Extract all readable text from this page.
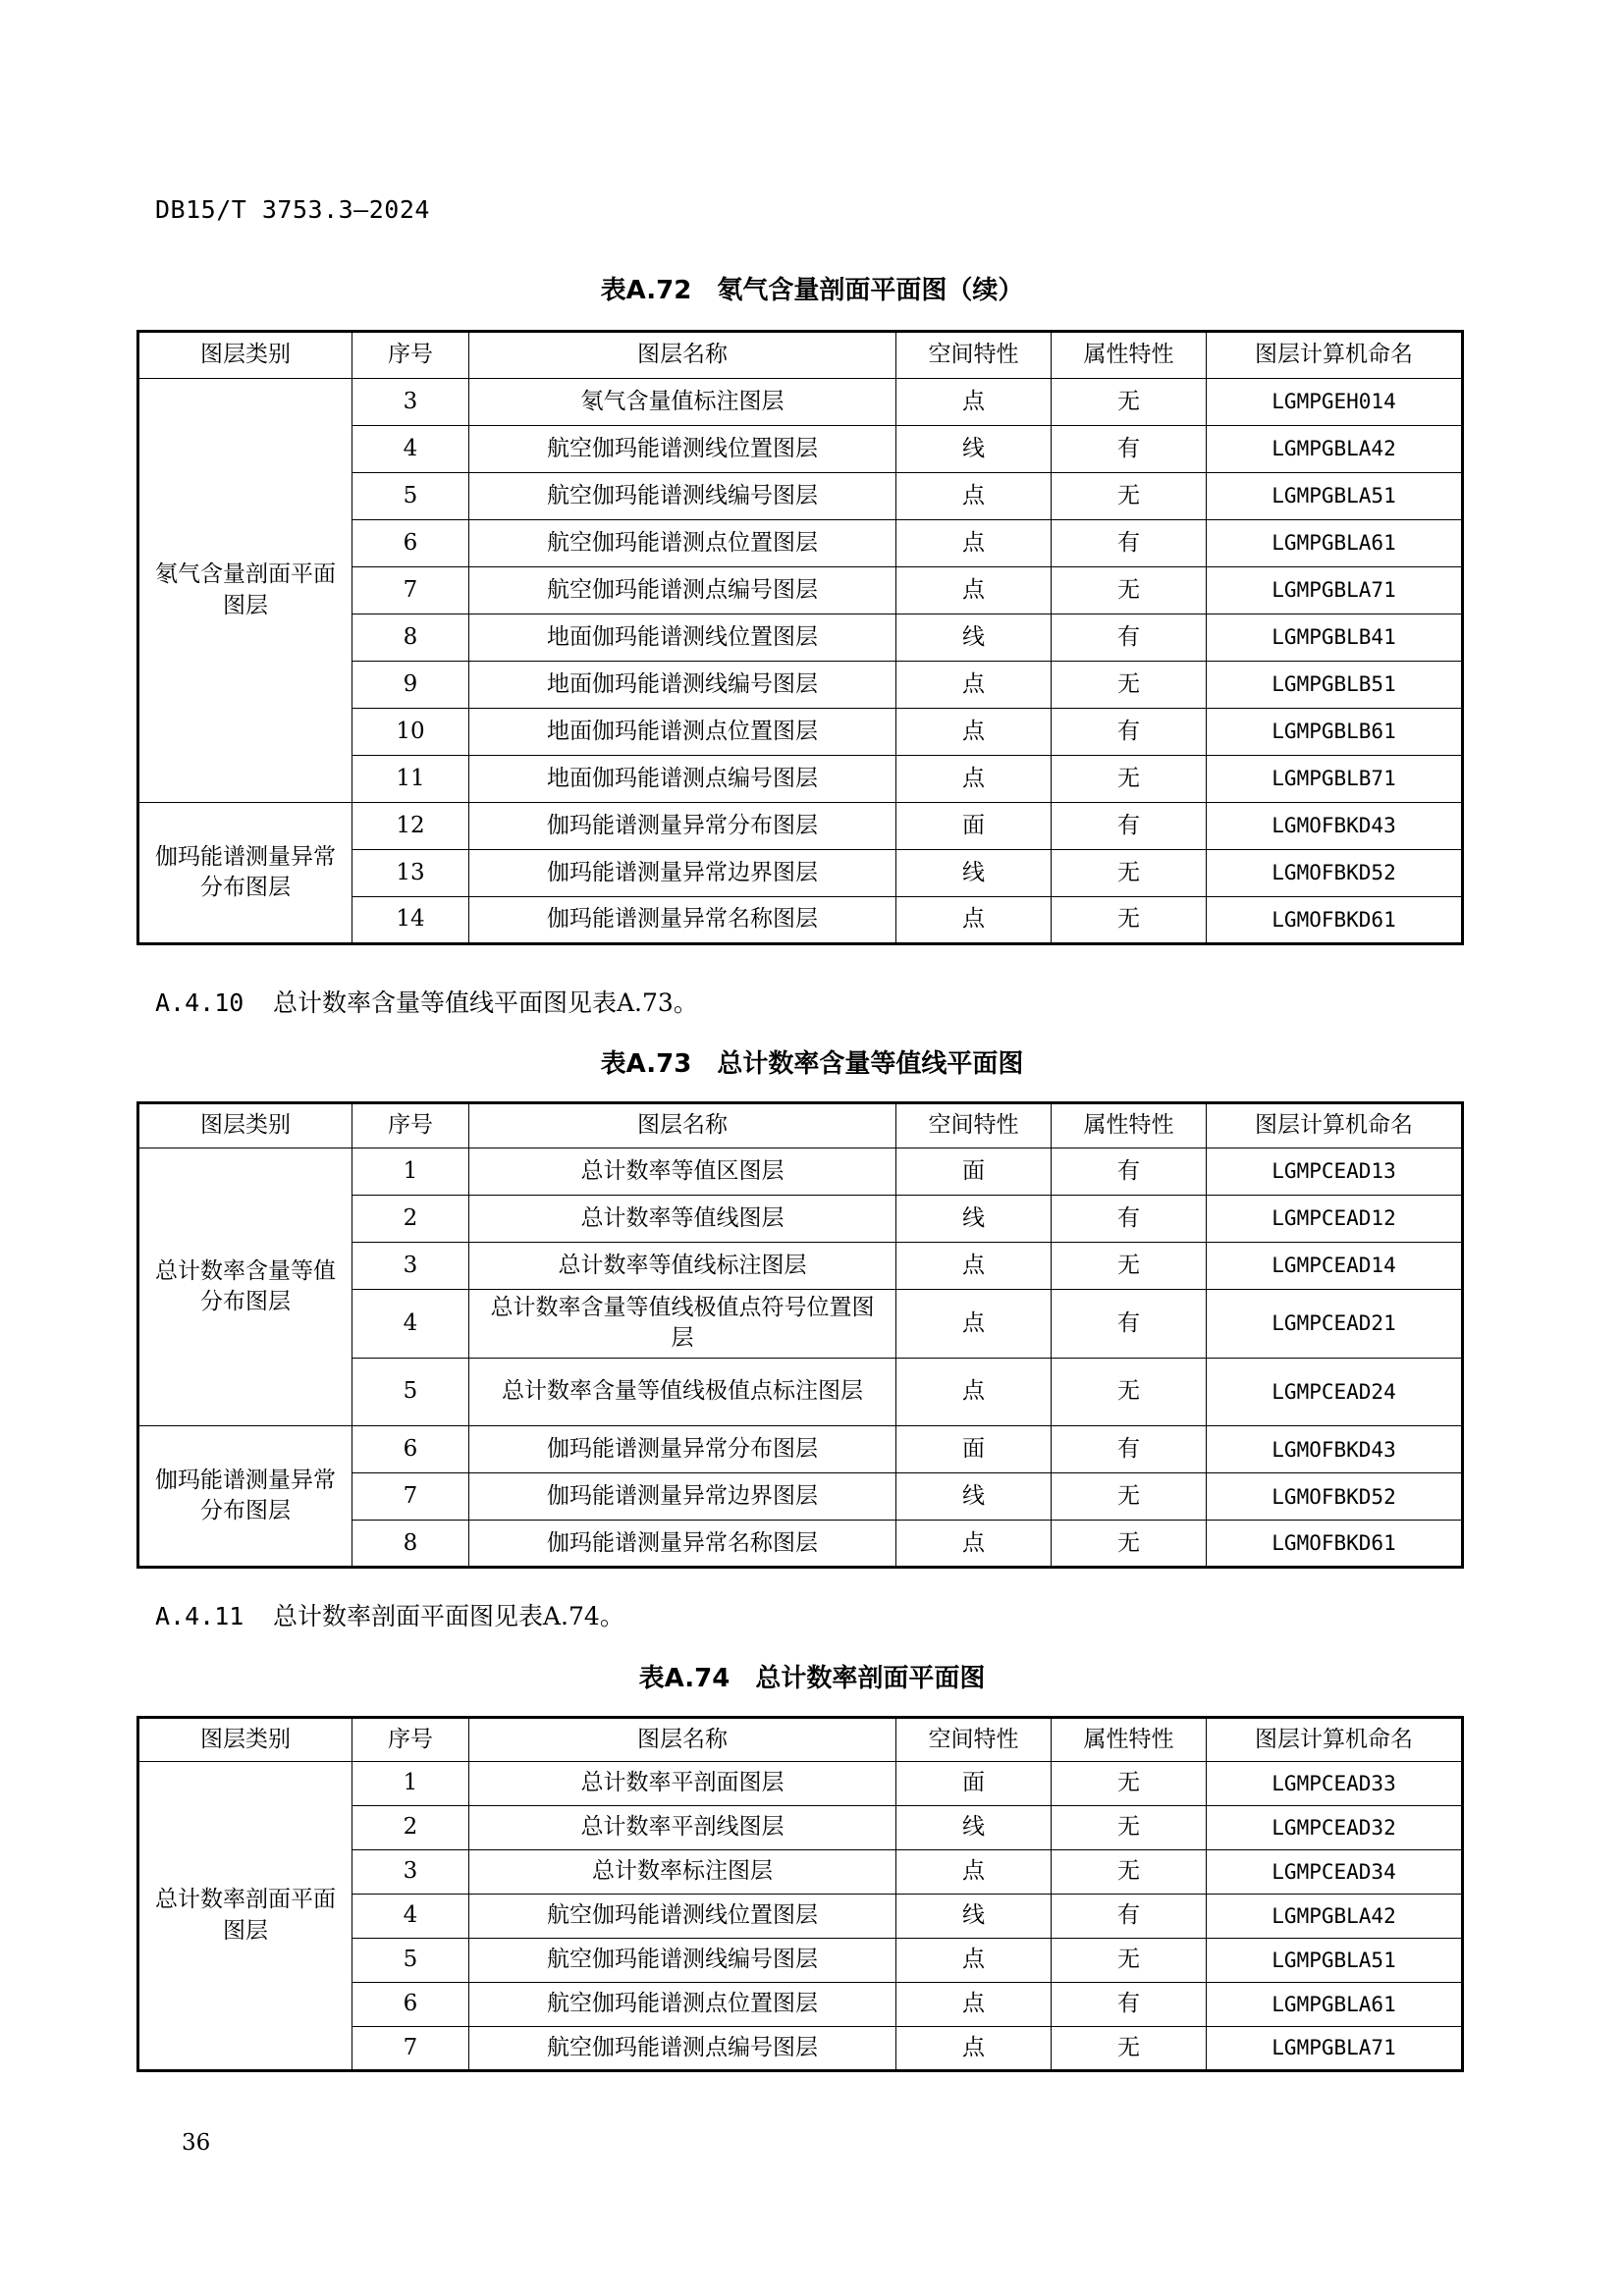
DB15/T 3753.3—2024
表A.72　氡气含量剖面平面图（续）
图层类别	序号	图层名称	空间特性	属性特性	图层计算机命名
氡气含量剖面平面图层	3	氡气含量值标注图层	点	无	LGMPGEH014
	4	航空伽玛能谱测线位置图层	线	有	LGMPGBLA42
	5	航空伽玛能谱测线编号图层	点	无	LGMPGBLA51
	6	航空伽玛能谱测点位置图层	点	有	LGMPGBLA61
	7	航空伽玛能谱测点编号图层	点	无	LGMPGBLA71
	8	地面伽玛能谱测线位置图层	线	有	LGMPGBLB41
	9	地面伽玛能谱测线编号图层	点	无	LGMPGBLB51
	10	地面伽玛能谱测点位置图层	点	有	LGMPGBLB61
	11	地面伽玛能谱测点编号图层	点	无	LGMPGBLB71
伽玛能谱测量异常分布图层	12	伽玛能谱测量异常分布图层	面	有	LGMOFBKD43
	13	伽玛能谱测量异常边界图层	线	无	LGMOFBKD52
	14	伽玛能谱测量异常名称图层	点	无	LGMOFBKD61
A.4.10 总计数率含量等值线平面图见表A.73。
表A.73　总计数率含量等值线平面图
图层类别	序号	图层名称	空间特性	属性特性	图层计算机命名
总计数率含量等值分布图层	1	总计数率等值区图层	面	有	LGMPCEAD13
	2	总计数率等值线图层	线	有	LGMPCEAD12
	3	总计数率等值线标注图层	点	无	LGMPCEAD14
	4	总计数率含量等值线极值点符号位置图层	点	有	LGMPCEAD21
	5	总计数率含量等值线极值点标注图层	点	无	LGMPCEAD24
伽玛能谱测量异常分布图层	6	伽玛能谱测量异常分布图层	面	有	LGMOFBKD43
	7	伽玛能谱测量异常边界图层	线	无	LGMOFBKD52
	8	伽玛能谱测量异常名称图层	点	无	LGMOFBKD61
A.4.11 总计数率剖面平面图见表A.74。
表A.74　总计数率剖面平面图
图层类别	序号	图层名称	空间特性	属性特性	图层计算机命名
总计数率剖面平面图层	1	总计数率平剖面图层	面	无	LGMPCEAD33
	2	总计数率平剖线图层	线	无	LGMPCEAD32
	3	总计数率标注图层	点	无	LGMPCEAD34
	4	航空伽玛能谱测线位置图层	线	有	LGMPGBLA42
	5	航空伽玛能谱测线编号图层	点	无	LGMPGBLA51
	6	航空伽玛能谱测点位置图层	点	有	LGMPGBLA61
	7	航空伽玛能谱测点编号图层	点	无	LGMPGBLA71
36
